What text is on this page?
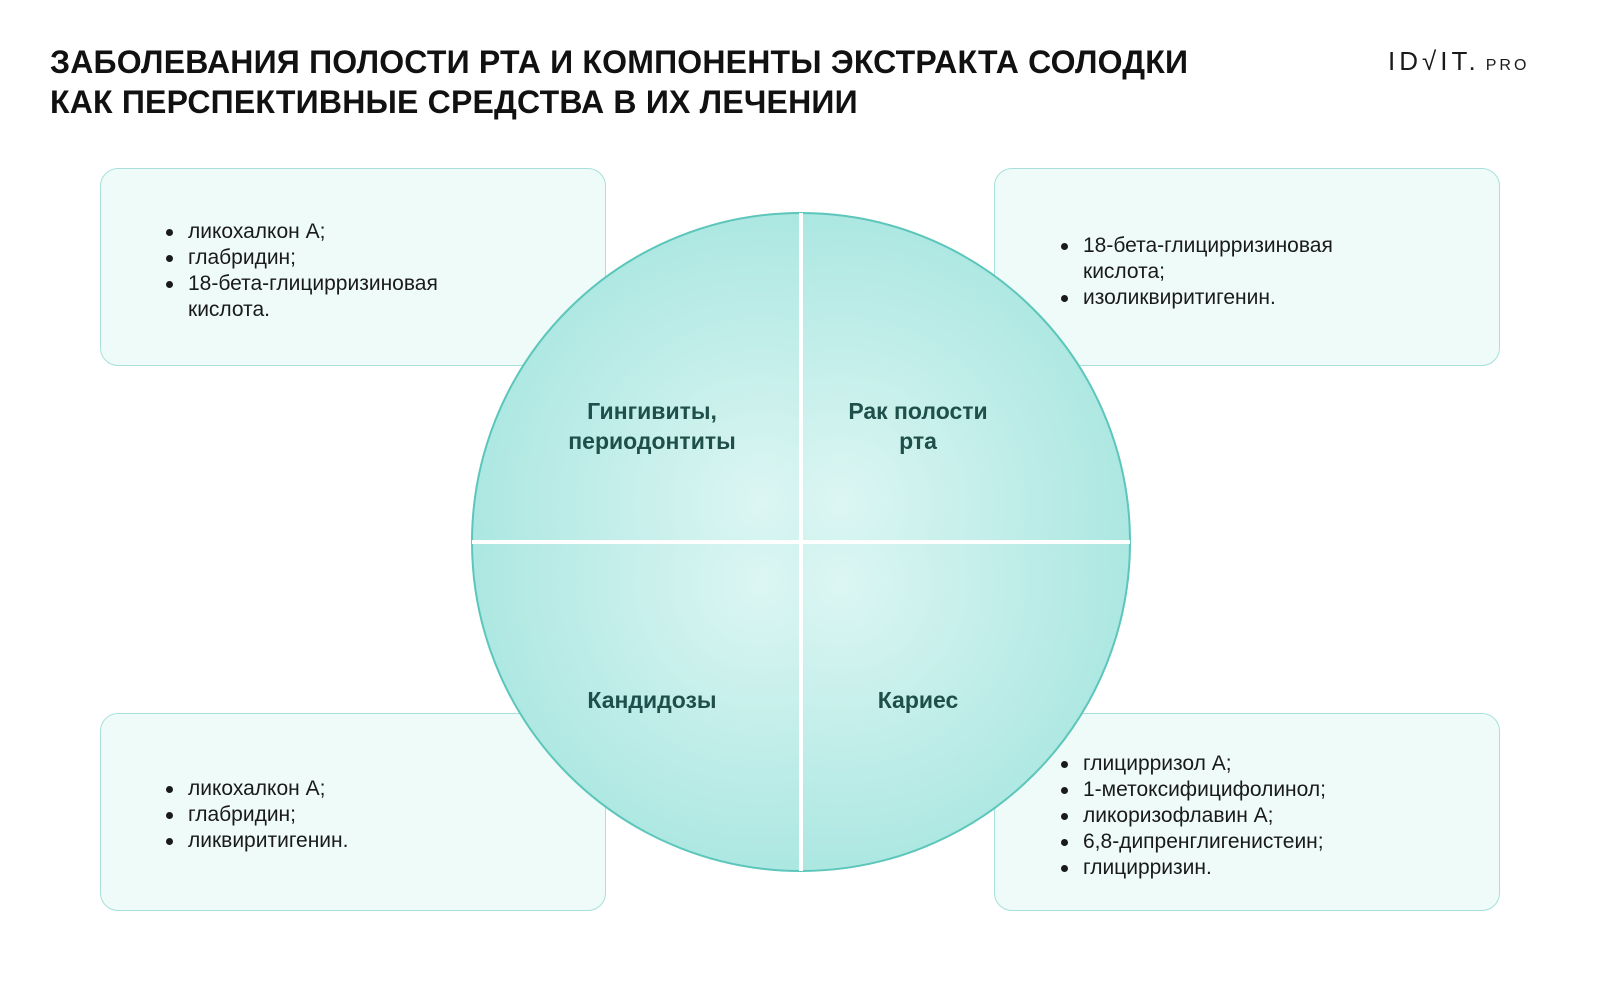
ЗАБОЛЕВАНИЯ ПОЛОСТИ РТА И КОМПОНЕНТЫ ЭКСТРАКТА СОЛОДКИ
КАК ПЕРСПЕКТИВНЫЕ СРЕДСТВА В ИХ ЛЕЧЕНИИ
ID√IT. PRO
ликохалкон А;
глабридин;
18-бета-глицирризиновая кислота.
18-бета-глицирризиновая кислота;
изоликвиритигенин.
ликохалкон А;
глабридин;
ликвиритигенин.
глицирризол А;
1-метоксифицифолинол;
ликоризофлавин А;
6,8-дипренглигенистеин;
глицирризин.
Гингивиты,
периодонтиты
Рак полости
рта
Кандидозы	Кариес
